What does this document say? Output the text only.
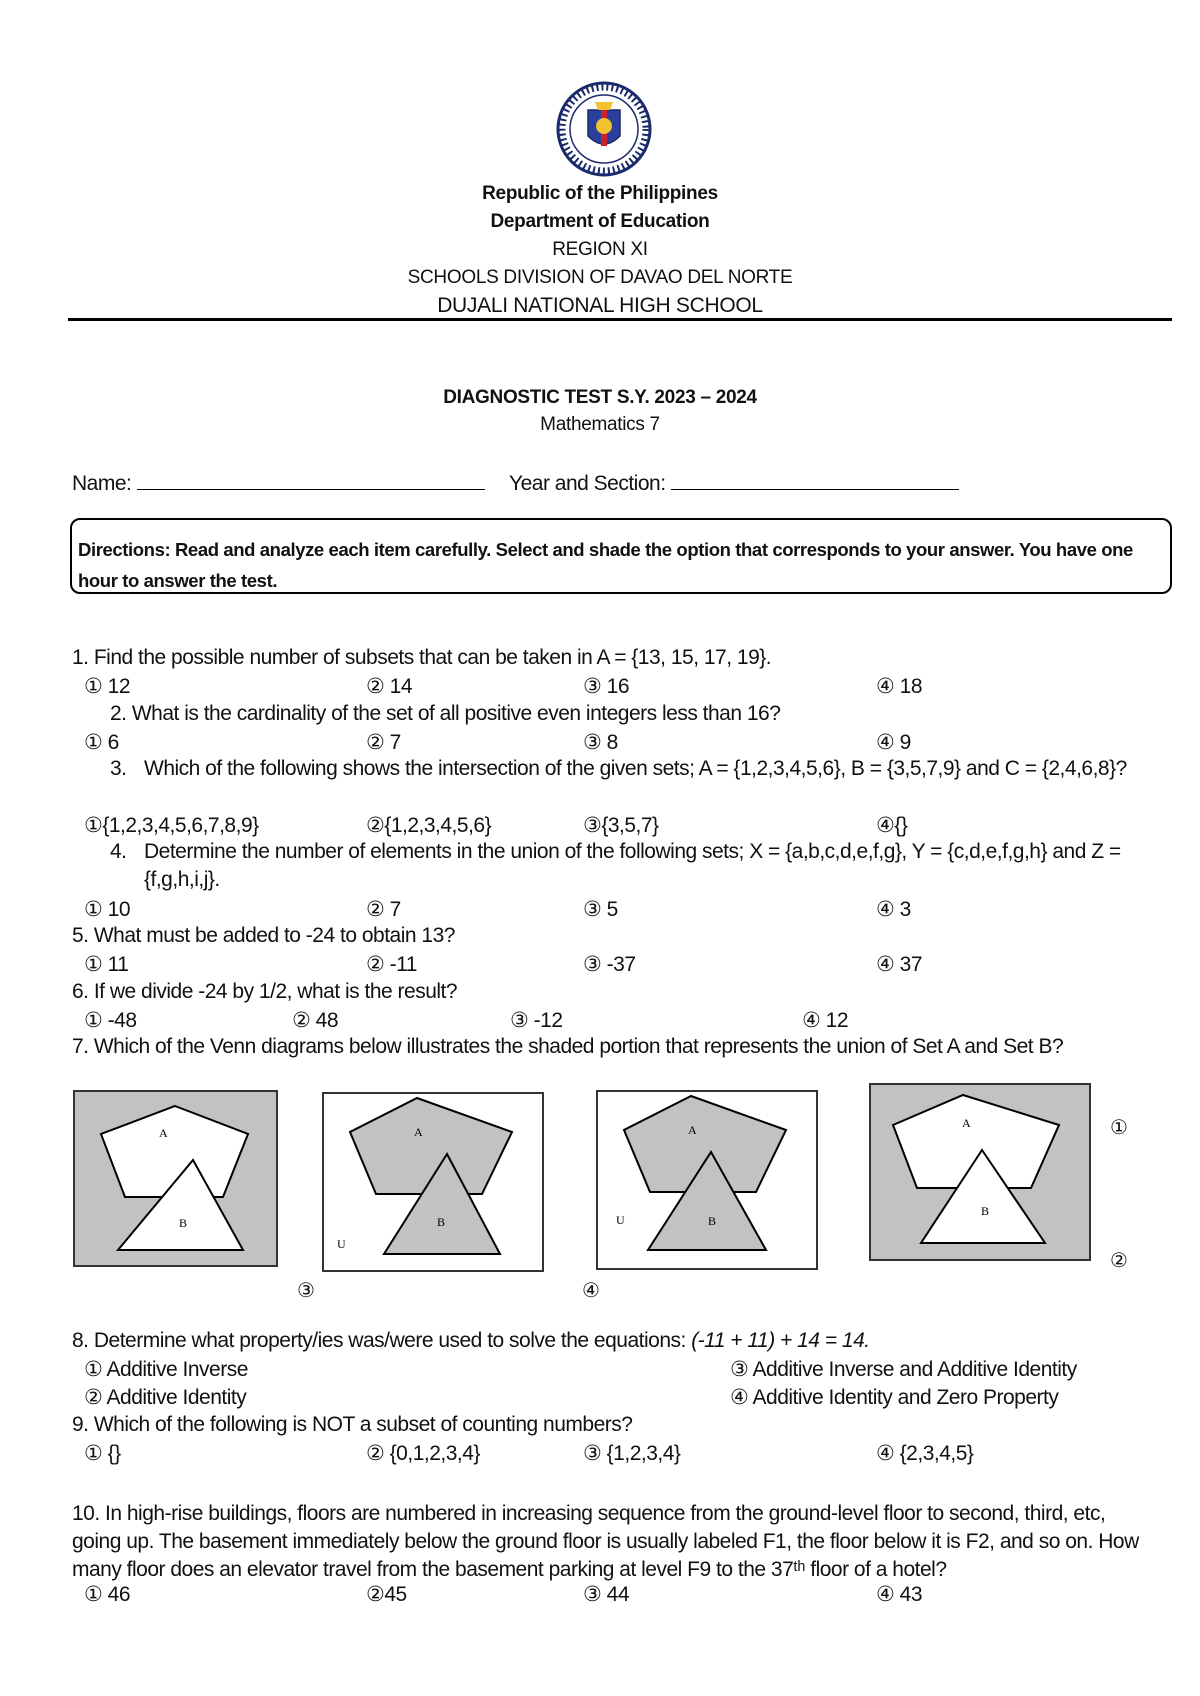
Republic of the Philippines
Department of Education
REGION XI
SCHOOLS DIVISION OF DAVAO DEL NORTE
DUJALI NATIONAL HIGH SCHOOL
DIAGNOSTIC TEST S.Y. 2023 – 2024
Mathematics 7
Name:	Year and Section:
Directions: Read and analyze each item carefully. Select and shade the option that corresponds to your answer. You have one hour to answer the test.
1. Find the possible number of subsets that can be taken in A = {13, 15, 17, 19}.
① 12	② 14	③ 16	④ 18
2. What is the cardinality of the set of all positive even integers less than 16?
① 6	② 7	③ 8	④ 9
3. Which of the following shows the intersection of the given sets; A = {1,2,3,4,5,6}, B = {3,5,7,9} and C = {2,4,6,8}?
①{1,2,3,4,5,6,7,8,9}	②{1,2,3,4,5,6}	③{3,5,7}	④{}
4. Determine the number of elements in the union of the following sets; X = {a,b,c,d,e,f,g}, Y = {c,d,e,f,g,h} and Z = {f,g,h,i,j}.
① 10	② 7	③ 5	④ 3
5. What must be added to -24 to obtain 13?
① 11	② -11	③ -37	④ 37
6. If we divide -24 by 1/2, what is the result?
① -48	② 48	③ -12	④ 12
7. Which of the Venn diagrams below illustrates the shaded portion that represents the union of Set A and Set B?
A
B
A
B
U
A
B
U
A
B
①
②
③	④
8. Determine what property/ies was/were used to solve the equations: (-11 + 11) + 14 = 14.
① Additive Inverse
② Additive Identity
③ Additive Inverse and Additive Identity
④ Additive Identity and Zero Property
9. Which of the following is NOT a subset of counting numbers?
① {}	② {0,1,2,3,4}	③ {1,2,3,4}	④ {2,3,4,5}
10. In high-rise buildings, floors are numbered in increasing sequence from the ground-level floor to second, third, etc, going up. The basement immediately below the ground floor is usually labeled F1, the floor below it is F2, and so on. How many floor does an elevator travel from the basement parking at level F9 to the 37ᵗʰ floor of a hotel?
① 46	②45	③ 44	④ 43
